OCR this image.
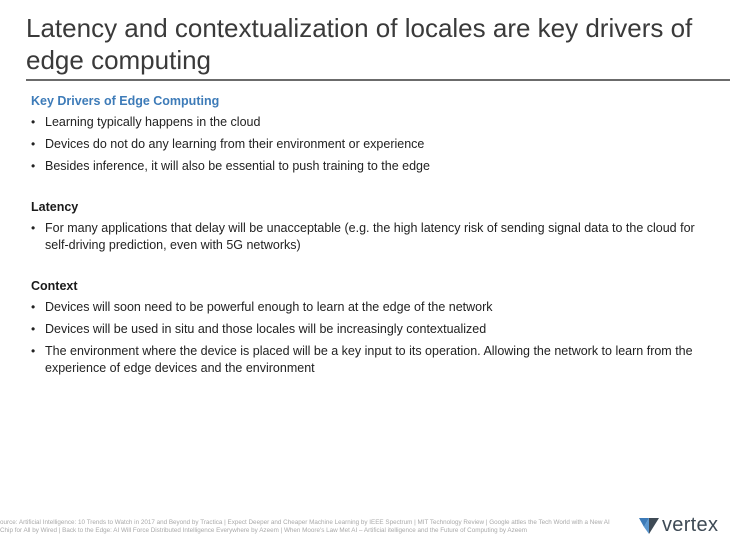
Latency and contextualization of locales are key drivers of edge computing
Key Drivers of Edge Computing
• Learning typically happens in the cloud
• Devices do not do any learning from their environment or experience
• Besides inference, it will also be essential to push training to the edge
Latency
• For many applications that delay will be unacceptable (e.g. the high latency risk of sending signal data to the cloud for self-driving prediction, even with 5G networks)
Context
• Devices will soon need to be powerful enough to learn at the edge of the network
• Devices will be used in situ and those locales will be increasingly contextualized
• The environment where the device is placed will be a key input to its operation. Allowing the network to learn from the experience of edge devices and the environment
ource: Artificial Intelligence: 10 Trends to Watch in 2017 and Beyond by Tractica | Expect Deeper and Cheaper Machine Learning by IEEE Spectrum | MIT Technology Review | Google attles the Tech World with a New AI Chip for All by Wired | Back to the Edge: AI Will Force Distributed Intelligence Everywhere by Azeem | When Moore's Law Met AI – Artificial itelligence and the Future of Computing by Azeem	vertex
